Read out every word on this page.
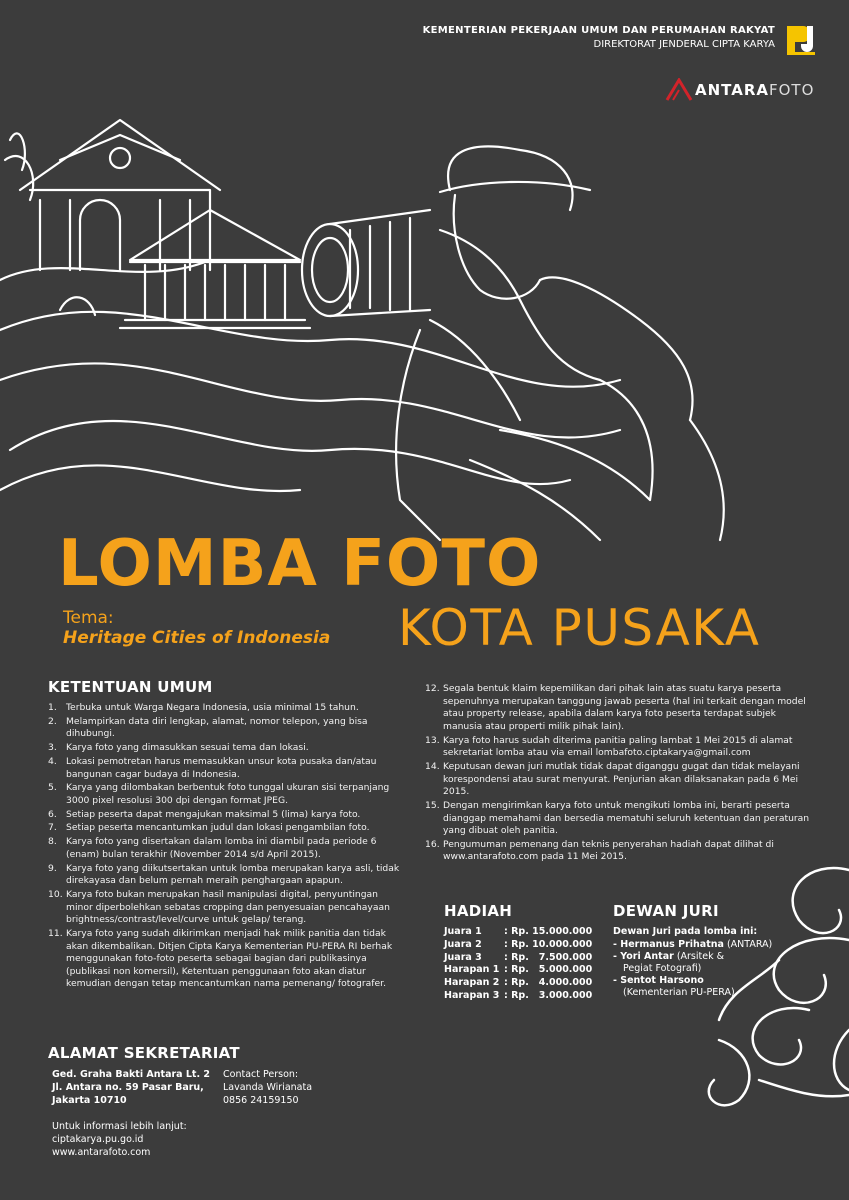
KEMENTERIAN PEKERJAAN UMUM DAN PERUMAHAN RAKYAT
DIREKTORAT JENDERAL CIPTA KARYA
ANTARAFOTO
LOMBA FOTO
Tema:
Heritage Cities of Indonesia KOTA PUSAKA
KETENTUAN UMUM
1. Terbuka untuk Warga Negara Indonesia, usia minimal 15 tahun.
2. Melampirkan data diri lengkap, alamat, nomor telepon, yang bisa dihubungi.
3. Karya foto yang dimasukkan sesuai tema dan lokasi.
4. Lokasi pemotretan harus memasukkan unsur kota pusaka dan/atau bangunan cagar budaya di Indonesia.
5. Karya yang dilombakan berbentuk foto tunggal ukuran sisi terpanjang 3000 pixel resolusi 300 dpi dengan format JPEG.
6. Setiap peserta dapat mengajukan maksimal 5 (lima) karya foto.
7. Setiap peserta mencantumkan judul dan lokasi pengambilan foto.
8. Karya foto yang disertakan dalam lomba ini diambil pada periode 6 (enam) bulan terakhir (November 2014 s/d April 2015).
9. Karya foto yang diikutsertakan untuk lomba merupakan karya asli, tidak direkayasa dan belum pernah meraih penghargaan apapun.
10. Karya foto bukan merupakan hasil manipulasi digital, penyuntingan minor diperbolehkan sebatas cropping dan penyesuaian pencahayaan brightness/contrast/level/curve untuk gelap/ terang.
11. Karya foto yang sudah dikirimkan menjadi hak milik panitia dan tidak akan dikembalikan. Ditjen Cipta Karya Kementerian PU-PERA RI berhak menggunakan foto-foto peserta sebagai bagian dari publikasinya (publikasi non komersil), Ketentuan penggunaan foto akan diatur kemudian dengan tetap mencantumkan nama pemenang/ fotografer.
12. Segala bentuk klaim kepemilikan dari pihak lain atas suatu karya peserta sepenuhnya merupakan tanggung jawab peserta (hal ini terkait dengan model atau property release, apabila dalam karya foto peserta terdapat subjek manusia atau properti milik pihak lain).
13. Karya foto harus sudah diterima panitia paling lambat 1 Mei 2015 di alamat sekretariat lomba atau via email lombafoto.ciptakarya@gmail.com
14. Keputusan dewan juri mutlak tidak dapat diganggu gugat dan tidak melayani korespondensi atau surat menyurat. Penjurian akan dilaksanakan pada 6 Mei 2015.
15. Dengan mengirimkan karya foto untuk mengikuti lomba ini, berarti peserta dianggap memahami dan bersedia mematuhi seluruh ketentuan dan peraturan yang dibuat oleh panitia.
16. Pengumuman pemenang dan teknis penyerahan hadiah dapat dilihat di www.antarafoto.com pada 11 Mei 2015.
HADIAH
Juara 1	: Rp. 15.000.000
Juara 2	: Rp. 10.000.000
Juara 3	: Rp.   7.500.000
Harapan 1 : Rp.   5.000.000
Harapan 2 : Rp.   4.000.000
Harapan 3 : Rp.   3.000.000
DEWAN JURI
Dewan Juri pada lomba ini:
- Hermanus Prihatna (ANTARA)
- Yori Antar (Arsitek &
Pegiat Fotografi)
- Sentot Harsono
(Kementerian PU-PERA)
ALAMAT SEKRETARIAT
Ged. Graha Bakti Antara Lt. 2
Jl. Antara no. 59 Pasar Baru,
Jakarta 10710
Contact Person:
Lavanda Wirianata
0856 24159150
Untuk informasi lebih lanjut:
ciptakarya.pu.go.id
www.antarafoto.com
